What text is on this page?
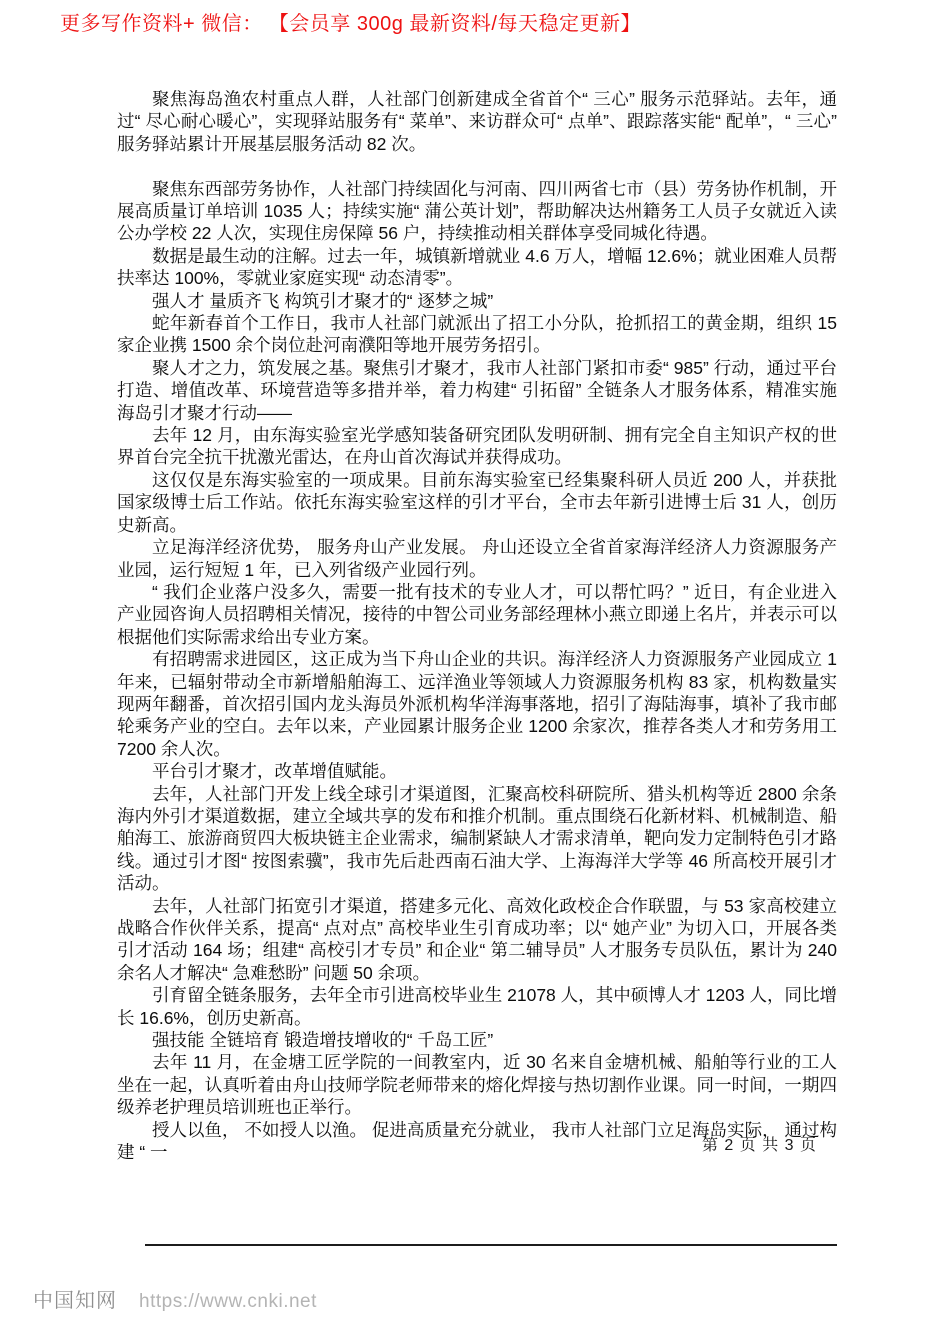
更多写作资料+ 微信： 【会员享 300g 最新资料/每天稳定更新】

聚焦海岛渔农村重点人群，人社部门创新建成全省首个“ 三心” 服务示范驿站。去年，通过“ 尽心耐心暖心”，实现驿站服务有“ 菜单”、来访群众可“ 点单”、跟踪落实能“ 配单”，“ 三心”服务驿站累计开展基层服务活动 82 次。

聚焦东西部劳务协作，人社部门持续固化与河南、四川两省七市（县）劳务协作机制，开展高质量订单培训 1035 人；持续实施“ 蒲公英计划”，帮助解决达州籍务工人员子女就近入读公办学校 22 人次，实现住房保障 56 户，持续推动相关群体享受同城化待遇。

数据是最生动的注解。过去一年，城镇新增就业 4.6 万人，增幅 12.6%；就业困难人员帮扶率达 100%，零就业家庭实现“ 动态清零”。

强人才 量质齐飞 构筑引才聚才的“ 逐梦之城”

蛇年新春首个工作日，我市人社部门就派出了招工小分队，抢抓招工的黄金期，组织 15 家企业携 1500 余个岗位赴河南濮阳等地开展劳务招引。

聚人才之力，筑发展之基。聚焦引才聚才，我市人社部门紧扣市委“ 985” 行动，通过平台打造、增值改革、环境营造等多措并举，着力构建“ 引拓留” 全链条人才服务体系，精准实施海岛引才聚才行动——

去年 12 月，由东海实验室光学感知装备研究团队发明研制、拥有完全自主知识产权的世界首台完全抗干扰激光雷达，在舟山首次海试并获得成功。

这仅仅是东海实验室的一项成果。目前东海实验室已经集聚科研人员近 200 人，并获批国家级博士后工作站。依托东海实验室这样的引才平台，全市去年新引进博士后 31 人，创历史新高。

立足海洋经济优势， 服务舟山产业发展。 舟山还设立全省首家海洋经济人力资源服务产业园，运行短短 1 年，已入列省级产业园行列。

“ 我们企业落户没多久，需要一批有技术的专业人才，可以帮忙吗？” 近日，有企业进入产业园咨询人员招聘相关情况，接待的中智公司业务部经理林小燕立即递上名片，并表示可以根据他们实际需求给出专业方案。

有招聘需求进园区，这正成为当下舟山企业的共识。海洋经济人力资源服务产业园成立 1 年来，已辐射带动全市新增船舶海工、远洋渔业等领域人力资源服务机构 83 家，机构数量实现两年翻番，首次招引国内龙头海员外派机构华洋海事落地，招引了海陆海事，填补了我市邮轮乘务产业的空白。去年以来，产业园累计服务企业 1200 余家次，推荐各类人才和劳务用工 7200 余人次。

平台引才聚才，改革增值赋能。

去年，人社部门开发上线全球引才渠道图，汇聚高校科研院所、猎头机构等近 2800 余条海内外引才渠道数据，建立全域共享的发布和推介机制。重点围绕石化新材料、机械制造、船舶海工、旅游商贸四大板块链主企业需求，编制紧缺人才需求清单，靶向发力定制特色引才路线。通过引才图“ 按图索骥”，我市先后赴西南石油大学、上海海洋大学等 46 所高校开展引才活动。

去年，人社部门拓宽引才渠道，搭建多元化、高效化政校企合作联盟，与 53 家高校建立战略合作伙伴关系，提高“ 点对点” 高校毕业生引育成功率；以“ 她产业” 为切入口，开展各类引才活动 164 场；组建“ 高校引才专员” 和企业“ 第二辅导员” 人才服务专员队伍，累计为 240 余名人才解决“ 急难愁盼” 问题 50 余项。

引育留全链条服务，去年全市引进高校毕业生 21078 人，其中硕博人才 1203 人，同比增长 16.6%，创历史新高。

强技能 全链培育 锻造增技增收的“ 千岛工匠”

去年 11 月，在金塘工匠学院的一间教室内，近 30 名来自金塘机械、船舶等行业的工人坐在一起，认真听着由舟山技师学院老师带来的熔化焊接与热切割作业课。同一时间，一期四级养老护理员培训班也正举行。

授人以鱼， 不如授人以渔。 促进高质量充分就业， 我市人社部门立足海岛实际， 通过构建 “ 一	第 2 页 共 3 页
中国知网 https://www.cnki.net
